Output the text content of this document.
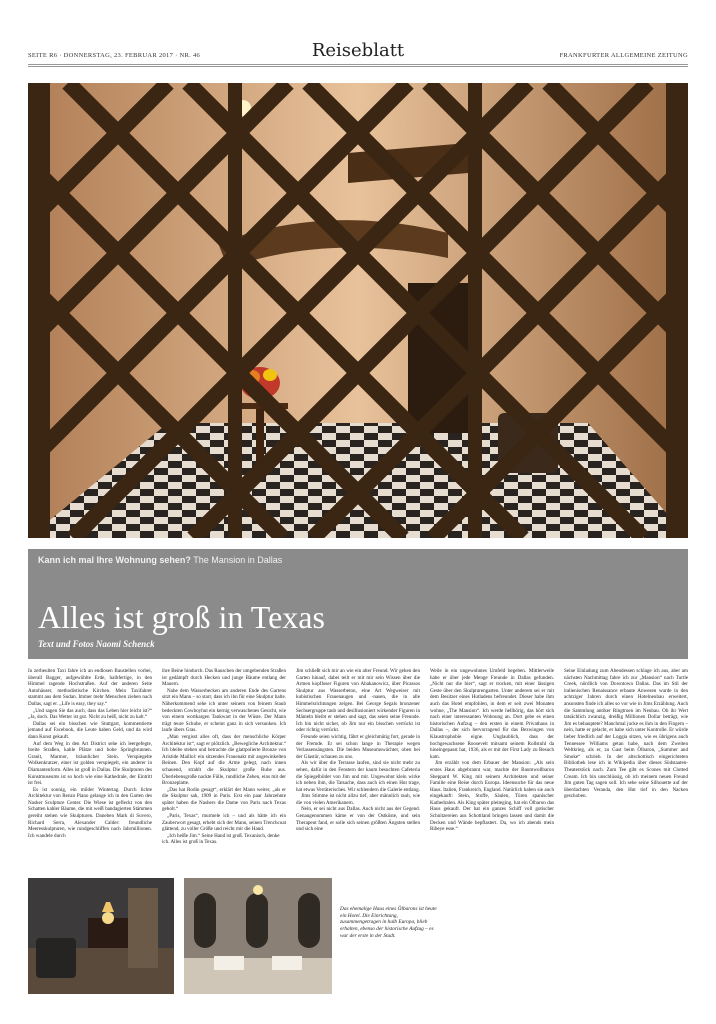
SEITE R6 · DONNERSTAG, 23. FEBRUAR 2017 · NR. 46	Reiseblatt	FRANKFURTER ALLGEMEINE ZEITUNG
Kann ich mal Ihre Wohnung sehen? The Mansion in Dallas
Alles ist groß in Texas
Text und Fotos Naomi Schenck

In zerbeulten Taxi fahre ich an endlosen Baustellen vorbei, überall Bagger, aufgewühlte Erde, halbfertige, in den Himmel ragende Hochstraßen. Auf der anderen Seite Autohäuser, methodistische Kirchen. Mein Taxifahrer stammt aus dem Sudan. Immer mehr Menschen ziehen nach Dallas, sagt er. „Life is easy, they say.“

„Und sagen Sie das auch, dass das Leben hier leicht ist?“ „Ja, doch. Das Wetter ist gut. Nicht zu heiß, nicht zu kalt.“

Dallas sei ein bisschen wie Stuttgart, kommentierte jemand auf Facebook, die Leute haben Geld, und da wird dann Kunst gekauft.

Auf dem Weg in den Art District sehe ich leergefegte, breite Straßen, kahle Plätze und hohe Springbrunnen. Granit, Marmor, bräunlicher Stein. Verspiegelte Wolkenkratzer, einer ist golden verspiegelt, ein anderer in Diamantenform. Alles ist groß in Dallas. Die Skulpturen des Kunstmuseums ist so hoch wie eine Kathedrale, der Eintritt ist frei.

Es ist sonnig, ein milder Wintertag. Durch lichte Architektur von Renzo Piano gelange ich in den Garten des Nasher Sculpture Center. Die Wiese ist gefleckt von den Schatten kahler Bäume, die mit weiß bandagierten Stämmen gereiht stehen wie Skulpturen. Daneben Mark di Suvero, Richard Serra, Alexander Calder: freundliche Meeresskulpturen, wie rundgeschliffen nach Jahrmillionen. Ich wandele durch

ihre Beine hindurch. Das Rauschen der umgebenden Straßen ist gedämpft durch Hecken und junge Bäume entlang der Mauern.

Nahe dem Wasserbecken am anderen Ende des Gartens sitzt ein Mann – so starr, dass ich ihn für eine Skulptur halte. Näherkommend sehe ich unter seinem von feinem Staub bedeckten Cowboyhut ein kernig verwaschenes Gesicht, wie von einem wortkargen Tankwart in der Wüste. Der Mann trägt teure Schuhe, er scheint ganz in sich versunken. Ich laufe übers Gras.

„Man vergisst alles oft, dass der menschliche Körper Architektur ist“, sagt er plötzlich. „Bewegliche Architektur.“ Ich bleibe stehen und betrachte die glattpolierte Bronze von Aristide Maillol: ein sitzendes Frauenakt mit angewinkelten Beinen. Den Kopf auf die Arme gelegt, nach innen schauend, strahlt die Skulptur große Ruhe aus. Überlebensgroße nackte Fülle, rundliche Zehen, eins mit der Bronzeplatte.

„Das hat Rodin gesagt“, erklärt der Mann weiter, „als er die Skulptur sah, 1909 in Paris. Erst ein paar Jahrzehnte später haben die Nashers die Dame von Paris nach Texas geholt.“

„Paris, Texas“, murmele ich – und als hätte ich ein Zauberwort gesagt, erhebt sich der Mann, seinen Trenchcoat glättend, zu voller Größe und reicht mir die Hand.

„Ich heiße Jim.“ Seine Hand ist groß. Texanisch, denke ich. Alles ist groß in Texas.

Jim schließt sich mir an wie ein alter Freund. Wir gehen den Garten hinauf, dabei teilt er mit mir sein Wissen über die Armen kopfloser Figuren von Abakanowicz, über Picassos Skulptur aus Wasserbeton, eine Art Wegweiser mit kubistischen Frauenaugen und -nasen, die in alle Himmelsrichtungen zeigen. Bei George Segals bronzener Sechsergruppe taub und desillusioniert wirkender Figuren in Mänteln bleibt er stehen und sagt, das seien seine Freunde. Ich bin nicht sicher, ob Jim nur ein bisschen verrückt ist oder richtig verrückt.

Freunde seien wichtig, fährt er gleichmütig fort, gerade in der Fremde. Er sei schon lange in Therapie wegen Verlassensängsten. Die beiden Museumswächter, oben bei der Glastür, schauen zu uns.

Als wir über die Terrasse laufen, sind sie nicht mehr zu sehen, dafür in den Fenstern der kaum besuchten Cafeteria die Spiegelbilder von Jim und mir. Ungewohnt klein wirke ich neben ihm, die Tatsache, dass auch ich einen Hut trage, hat etwas Verräterisches. Wir schlendern die Galerie entlang.

Jims Stimme ist nicht allzu tief, aber männlich rauh, wie die von vielen Amerikanern.

Nein, er sei nicht aus Dallas. Auch nicht aus der Gegend. Genaugenommen käme er von der Ostküste, und sein Therapeut fand, er solle sich seinen größten Ängsten stellen und sich eine

Weile in ein ungewohntes Umfeld begeben. Mittlerweile habe er über jede Menge Freunde in Dallas gefunden. „Nicht nur die hier“, sagt er trocken, mit einer lässigen Geste über den Skulpturengarten. Unter anderem sei er mit dem Besitzer eines Hutladens befreundet. Dieser habe ihm auch das Hotel empfohlen, in dem er seit zwei Monaten wohne, „The Mansion“. Ich werde hellhörig, das hört sich nach einer interessanten Wohnung an. Dort gebe es einen historischen Aufzug – den ersten in einem Privathaus in Dallas –, der sich hervorragend für das Bezwingen von Klaustrophobie eigne. Unglaublich, dass der hochgewachsene Roosevelt mitsamt seinem Rollstuhl da hineingepasst hat, 1936, als er mit der First Lady zu Besuch kam.

Jim erzählt von dem Erbauer der Mansion: „Als sein erstes Haus abgebrannt war, machte der Baumwollbaron Sheppard W. King mit seinem Architekten und seiner Familie eine Reise durch Europa. Ideensuche für das neue Haus. Italien, Frankreich, England. Natürlich haben sie auch eingekauft: Stein, Stoffe, Säulen, Türen spanischer Kathedralen. Als King später pleiteging, hat ein Ölbaron das Haus gekauft. Der hat ein ganzes Schiff voll gotischer Schnitzereien aus Schottland bringen lassen und damit die Decken und Wände bepflastert. Da, wo ich abends mein Ribeye esse.“

Seine Einladung zum Abendessen schlage ich aus, aber am nächsten Nachmittag fahre ich zur „Mansion“ nach Turtle Creek, nördlich von Downtown Dallas. Das im Stil der italienischen Renaissance erbaute Anwesen wurde in den achtziger Jahren durch einen Hotelneubau erweitert, ansonsten finde ich alles so vor wie in Jims Erzählung. Auch die Sammlung antiker Ringtruen im Neubau. Ob ihr Wert tatsächlich zwanzig, dreißig Millionen Dollar beträgt, wie Jim es behauptete? Manchmal jucke es ihm in den Fingern – nein, hatte er gelacht, er habe sich unter Kontrolle. Er würde lieber friedlich auf der Loggia sitzen, wie es übrigens auch Tennessee Williams getan habe, nach dem Zweiten Weltkrieg, als er, zu Gast beim Ölbaron, „Summer and Smoke“ schrieb. In der altschottisch eingerichteten Bibliothek lese ich in Wikipedia über dieses Südstaaten-Theaterstück nach. Zum Tee gibt es Scones mit Clotted Cream. Ich bin unschlüssig, ob ich meinem neuen Freund Jim guten Tag sagen soll. Ich sehe seine Silhouette auf der überdachten Veranda, den Hut tief in den Nacken geschoben.

Das ehemalige Haus eines Ölbarons ist heute ein Hotel. Die Einrichtung, zusammengetragen in halb Europa, blieb erhalten, ebenso der historische Aufzug – es war der erste in der Stadt.
